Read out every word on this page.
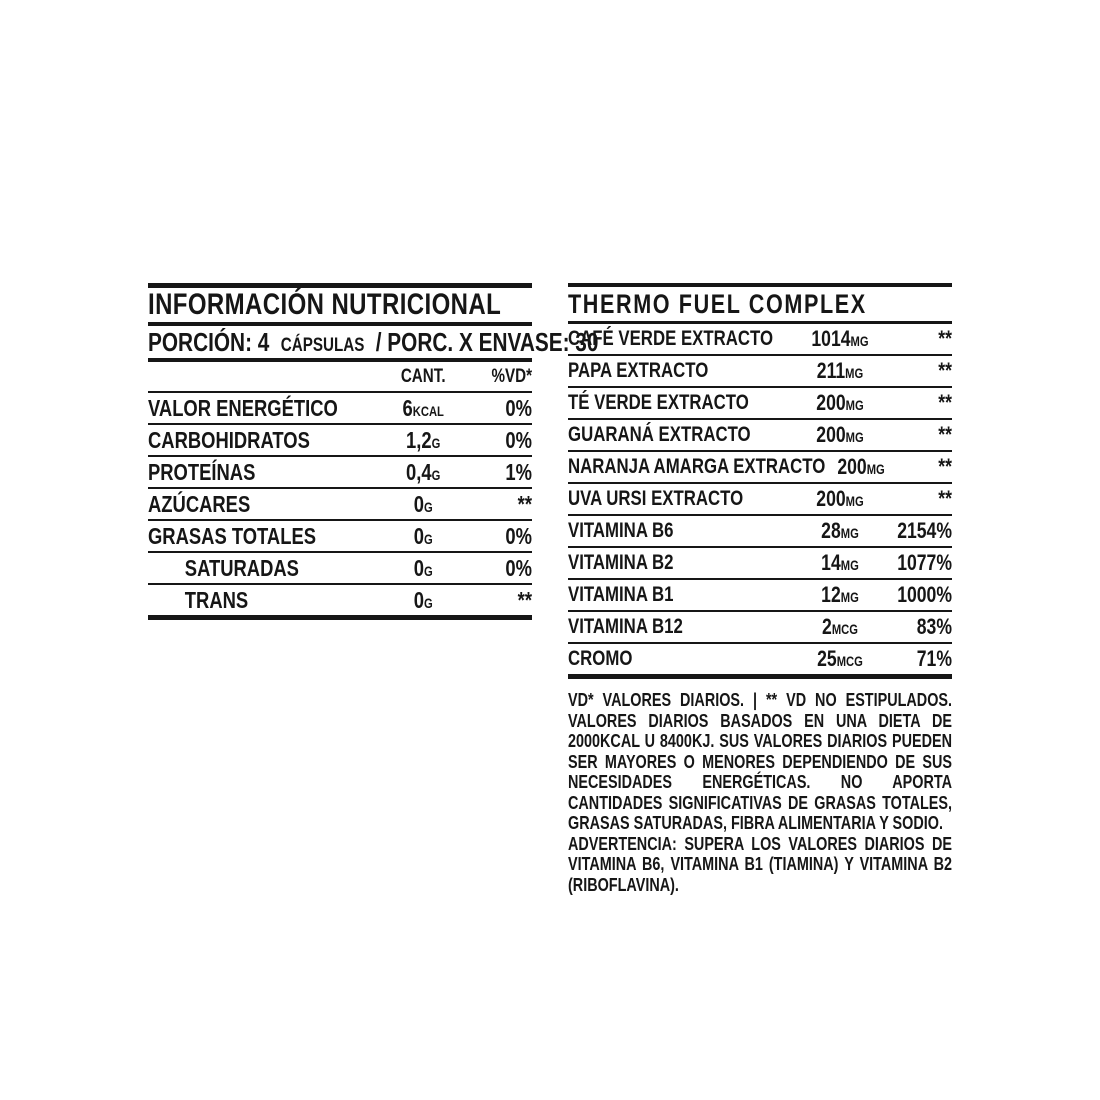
INFORMACIÓN NUTRICIONAL
PORCIÓN: 4 CÁPSULAS / PORC. X ENVASE: 30
CANT.	%VD*
VALOR ENERGÉTICO	6KCAL	0%
CARBOHIDRATOS	1,2G	0%
PROTEÍNAS	0,4G	1%
AZÚCARES	0G	**
GRASAS TOTALES	0G	0%
SATURADAS	0G	0%
TRANS	0G	**
THERMO FUEL COMPLEX
CAFÉ VERDE EXTRACTO	1014MG	**
PAPA EXTRACTO	211MG	**
TÉ VERDE EXTRACTO	200MG	**
GUARANÁ EXTRACTO	200MG	**
NARANJA AMARGA EXTRACTO 200MG	**
UVA URSI EXTRACTO	200MG	**
VITAMINA B6	28MG	2154%
VITAMINA B2	14MG	1077%
VITAMINA B1	12MG	1000%
VITAMINA B12	2MCG	83%
CROMO	25MCG	71%

VD* VALORES DIARIOS. | ** VD NO ESTIPULADOS. VALORES DIARIOS BASADOS EN UNA DIETA DE 2000KCAL U 8400KJ. SUS VALORES DIARIOS PUEDEN SER MAYORES O MENORES DEPENDIENDO DE SUS NECESIDADES ENERGÉTICAS. NO APORTA CANTIDADES SIGNIFICATIVAS DE GRASAS TOTALES, GRASAS SATURADAS, FIBRA ALIMENTARIA Y SODIO.

ADVERTENCIA: SUPERA LOS VALORES DIARIOS DE VITAMINA B6, VITAMINA B1 (TIAMINA) Y VITAMINA B2 (RIBOFLAVINA).
